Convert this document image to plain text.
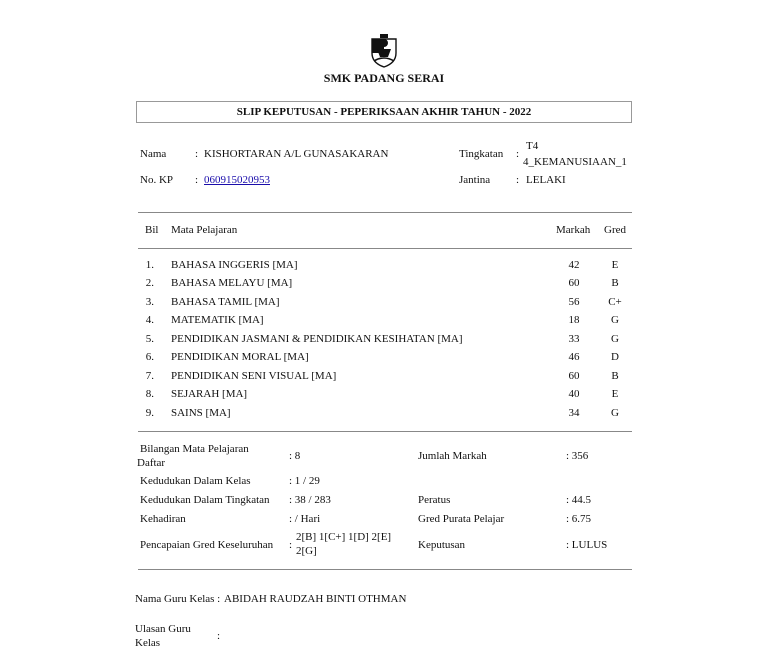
SMK PADANG SERAI
SLIP KEPUTUSAN - PEPERIKSAAN AKHIR TAHUN - 2022
Nama	: KISHORTARAN A/L GUNASAKARAN	Tingkatan :
T4
4_KEMANUSIAAN_1
No. KP : 060915020953	Jantina : LELAKI
Bil Mata Pelajaran	Markah Gred
1. BAHASA INGGERIS [MA]	42	E
2. BAHASA MELAYU [MA]	60	B
3. BAHASA TAMIL [MA]	56	C+
4. MATEMATIK [MA]	18	G
5. PENDIDIKAN JASMANI & PENDIDIKAN KESIHATAN [MA]	33	G
6. PENDIDIKAN MORAL [MA]	46	D
7. PENDIDIKAN SENI VISUAL [MA]	60	B
8. SEJARAH [MA]	40	E
9. SAINS [MA]	34	G
Bilangan Mata Pelajaran
Daftar
: 8	Jumlah Markah	: 356
Kedudukan Dalam Kelas	: 1 / 29
Kedudukan Dalam Tingkatan : 38 / 283	Peratus	: 44.5
Kehadiran	: / Hari	Gred Purata Pelajar	: 6.75
Pencapaian Gred Keseluruhan :
2[B] 1[C+] 1[D] 2[E]
2[G]	Keputusan	: LULUS
Nama Guru Kelas : ABIDAH RAUDZAH BINTI OTHMAN
Ulasan Guru
Kelas
:
